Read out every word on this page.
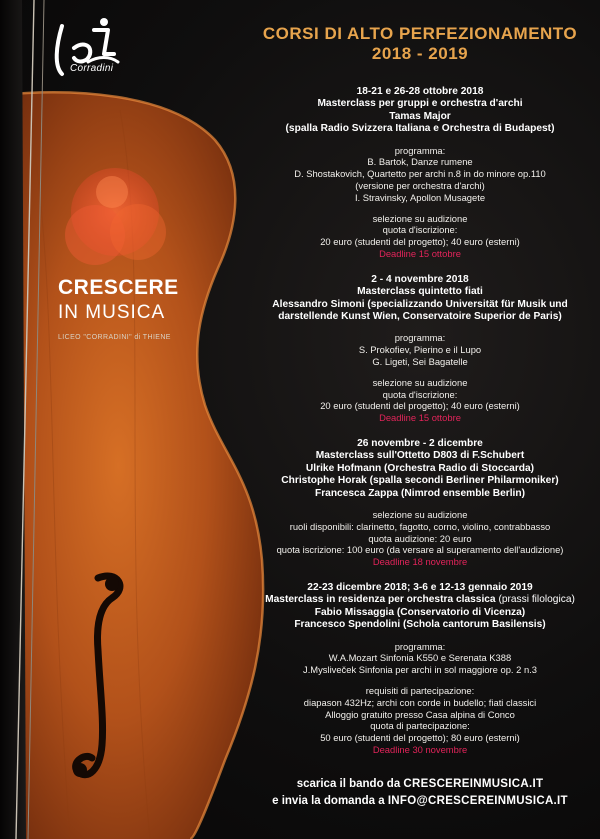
Corradini
CRESCERE
IN MUSICA
LICEO "CORRADINI" di THIENE
CORSI DI ALTO PERFEZIONAMENTO
2018 - 2019
18-21 e 26-28 ottobre 2018
Masterclass per gruppi e orchestra d'archi
Tamas Major
(spalla Radio Svizzera Italiana e Orchestra di Budapest)
programma:
B. Bartok, Danze rumene
D. Shostakovich, Quartetto per archi n.8 in do minore op.110
(versione per orchestra d'archi)
I. Stravinsky, Apollon Musagete
selezione su audizione
quota d'iscrizione:
20 euro (studenti del progetto); 40 euro (esterni)
Deadline 15 ottobre
2 - 4 novembre 2018
Masterclass quintetto fiati
Alessandro Simoni (specializzando Universität für Musik und
darstellende Kunst Wien, Conservatoire Superior de Paris)
programma:
S. Prokofiev, Pierino e il Lupo
G. Ligeti, Sei Bagatelle
selezione su audizione
quota d'iscrizione:
20 euro (studenti del progetto); 40 euro (esterni)
Deadline 15 ottobre
26 novembre - 2 dicembre
Masterclass sull'Ottetto D803 di F.Schubert
Ulrike Hofmann (Orchestra Radio di Stoccarda)
Christophe Horak (spalla secondi Berliner Philarmoniker)
Francesca Zappa (Nimrod ensemble Berlin)
selezione su audizione
ruoli disponibili: clarinetto, fagotto, corno, violino, contrabbasso
quota audizione: 20 euro
quota iscrizione: 100 euro (da versare al superamento dell'audizione)
Deadline 18 novembre
22-23 dicembre 2018; 3-6 e 12-13 gennaio 2019
Masterclass in residenza per orchestra classica (prassi filologica)
Fabio Missaggia (Conservatorio di Vicenza)
Francesco Spendolini (Schola cantorum Basilensis)
programma:
W.A.Mozart Sinfonia K550 e Serenata K388
J.Mysliveček Sinfonia per archi in sol maggiore op. 2 n.3
requisiti di partecipazione:
diapason 432Hz; archi con corde in budello; fiati classici
Alloggio gratuito presso Casa alpina di Conco
quota di partecipazione:
50 euro (studenti del progetto); 80 euro (esterni)
Deadline 30 novembre
scarica il bando da CRESCEREINMUSICA.IT
e invia la domanda a INFO@CRESCEREINMUSICA.IT
